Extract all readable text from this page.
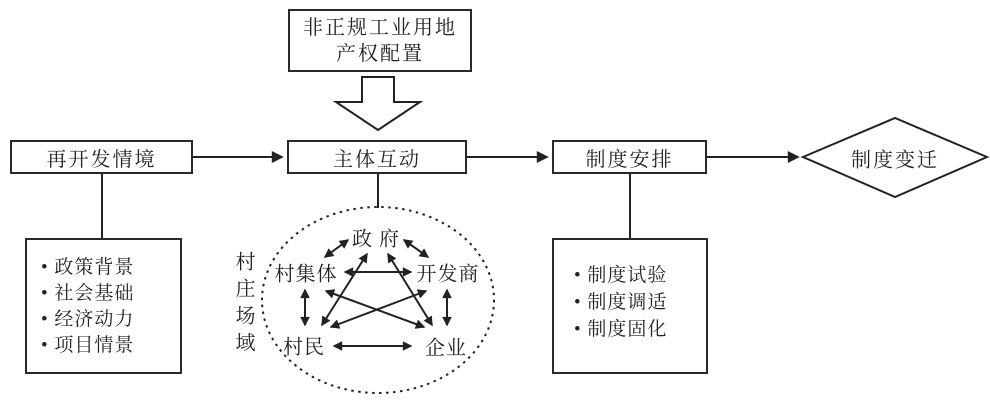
非正规工业用地
产权配置
再开发情境	主体互动	制度安排	制度变迁
• 政策背景
• 社会基础
• 经济动力
• 项目情景
• 制度试验
• 制度调适
• 制度固化
政 府
村集体	开发商
村民	企业
村庄场域
